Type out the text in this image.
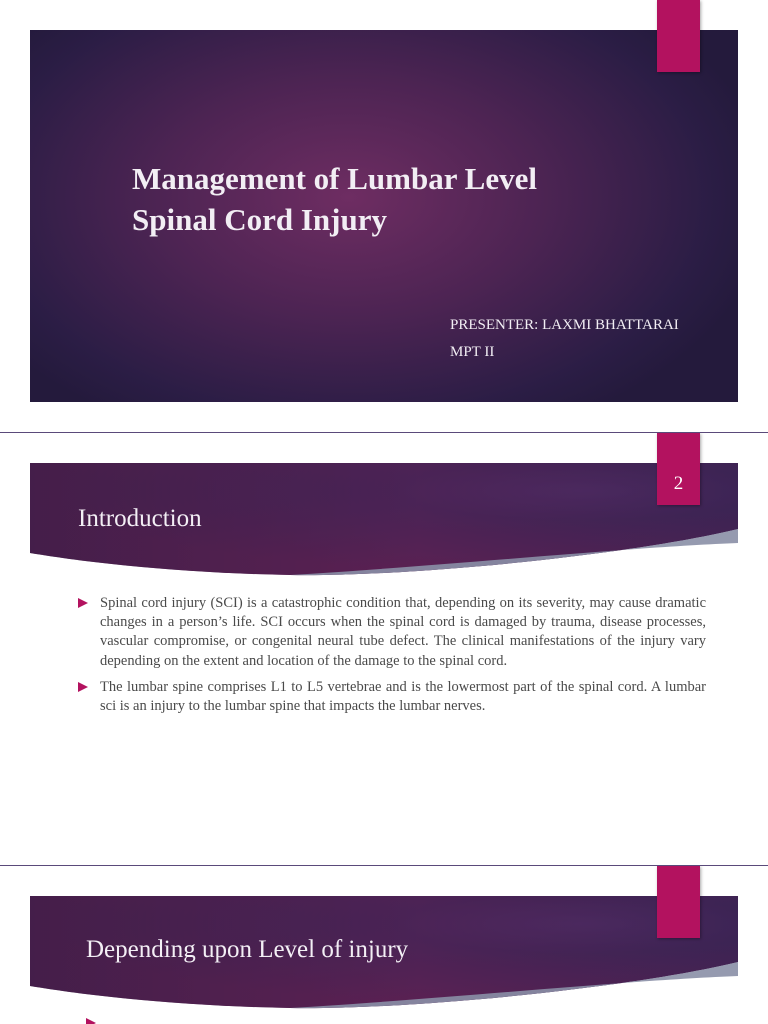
Management of Lumbar Level
Spinal Cord Injury
PRESENTER: LAXMI BHATTARAI
MPT II
2
Introduction
Spinal cord injury (SCI) is a catastrophic condition that, depending on its severity, may cause dramatic changes in a person’s life. SCI occurs when the spinal cord is damaged by trauma, disease processes, vascular compromise, or congenital neural tube defect. The clinical manifestations of the injury vary depending on the extent and location of the damage to the spinal cord.
The lumbar spine comprises L1 to L5 vertebrae and is the lowermost part of the spinal cord. A lumbar sci is an injury to the lumbar spine that impacts the lumbar nerves.
Depending upon Level of injury
